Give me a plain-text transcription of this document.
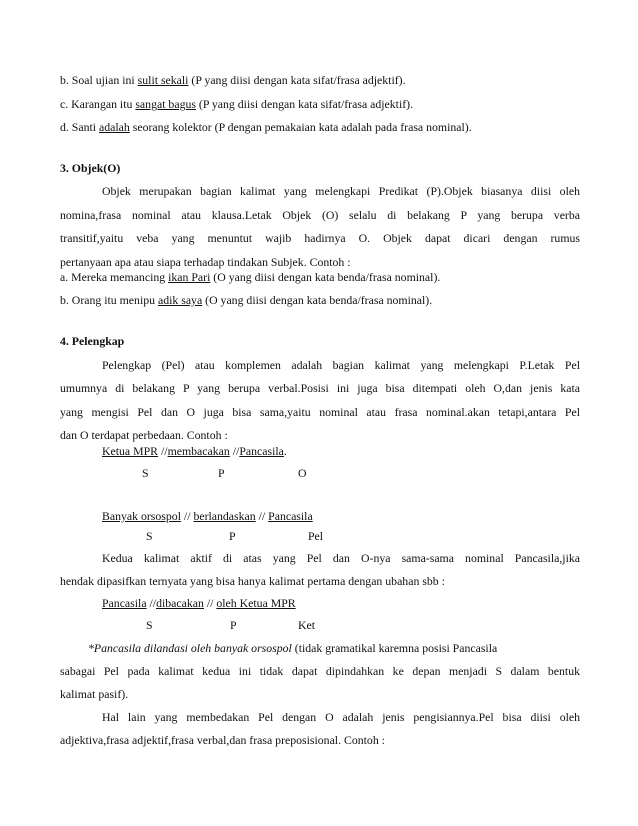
b. Soal ujian ini sulit sekali (P yang diisi dengan kata sifat/frasa adjektif).
c. Karangan itu sangat bagus (P yang diisi dengan kata sifat/frasa adjektif).
d. Santi adalah seorang kolektor (P dengan pemakaian kata adalah pada frasa nominal).
3. Objek(O)
Objek merupakan bagian kalimat yang melengkapi Predikat (P).Objek biasanya diisi oleh
nomina,frasa nominal atau klausa.Letak Objek (O) selalu di belakang P yang berupa verba
transitif,yaitu veba yang menuntut wajib hadirnya O. Objek dapat dicari dengan rumus
pertanyaan apa atau siapa terhadap tindakan Subjek. Contoh :
a. Mereka memancing ikan Pari (O yang diisi dengan kata benda/frasa nominal).
b. Orang itu menipu adik saya (O yang diisi dengan kata benda/frasa nominal).
4. Pelengkap
Pelengkap (Pel) atau komplemen adalah bagian kalimat yang melengkapi P.Letak Pel
umumnya di belakang P yang berupa verbal.Posisi ini juga bisa ditempati oleh O,dan jenis kata
yang mengisi Pel dan O juga bisa sama,yaitu nominal atau frasa nominal.akan tetapi,antara Pel
dan O terdapat perbedaan. Contoh :
Ketua MPR //membacakan //Pancasila.
S	P	O
Banyak orsospol // berlandaskan // Pancasila
S	P	Pel
Kedua kalimat aktif di atas yang Pel dan O-nya sama-sama nominal Pancasila,jika
hendak dipasifkan ternyata yang bisa hanya kalimat pertama dengan ubahan sbb :
Pancasila //dibacakan // oleh Ketua MPR
S	P	Ket
*Pancasila dilandasi oleh banyak orsospol (tidak gramatikal karemna posisi Pancasila
sabagai Pel pada kalimat kedua ini tidak dapat dipindahkan ke depan menjadi S dalam bentuk
kalimat pasif).
Hal lain yang membedakan Pel dengan O adalah jenis pengisiannya.Pel bisa diisi oleh
adjektiva,frasa adjektif,frasa verbal,dan frasa preposisional. Contoh :
